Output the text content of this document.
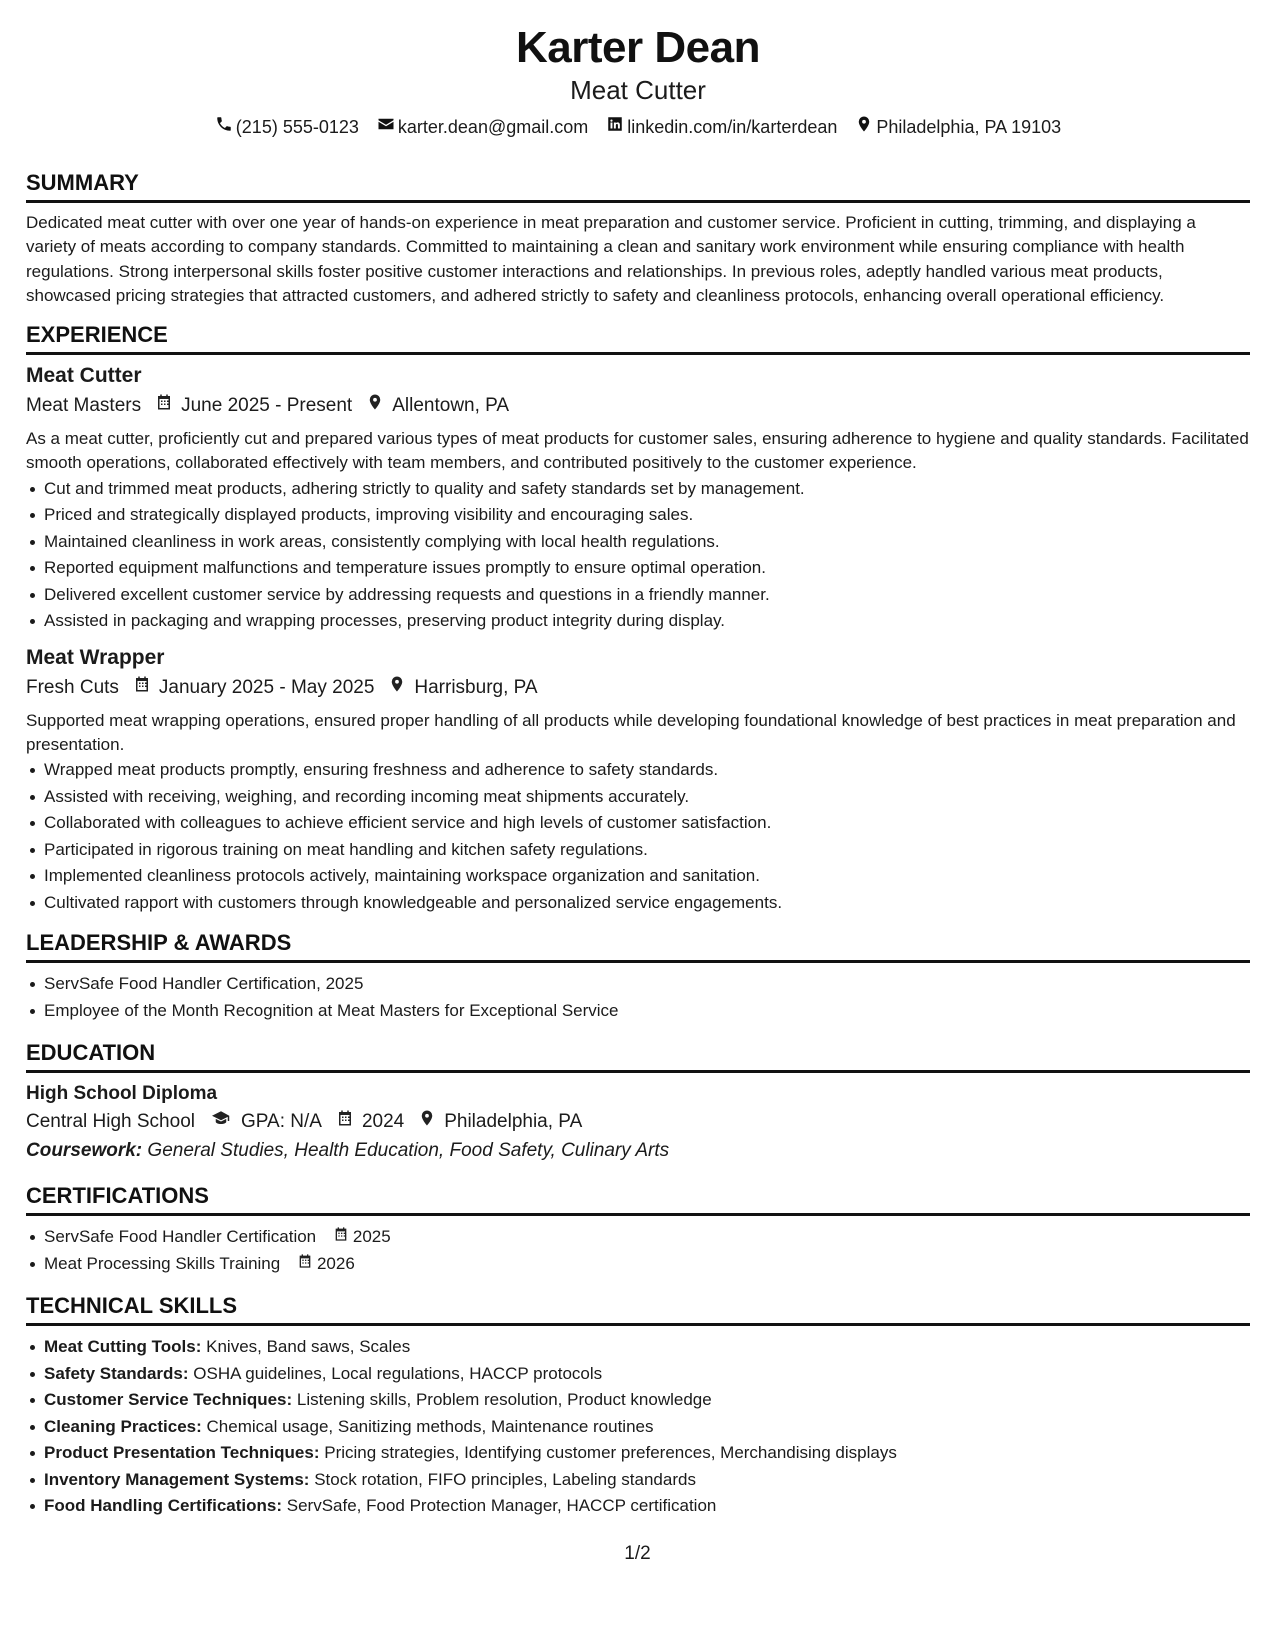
Karter Dean
Meat Cutter
(215) 555-0123 karter.dean@gmail.com linkedin.com/in/karterdean Philadelphia, PA 19103
SUMMARY
Dedicated meat cutter with over one year of hands-on experience in meat preparation and customer service. Proficient in cutting, trimming, and displaying a variety of meats according to company standards. Committed to maintaining a clean and sanitary work environment while ensuring compliance with health regulations. Strong interpersonal skills foster positive customer interactions and relationships. In previous roles, adeptly handled various meat products, showcased pricing strategies that attracted customers, and adhered strictly to safety and cleanliness protocols, enhancing overall operational efficiency.
EXPERIENCE
Meat Cutter
Meat Masters June 2025 - Present Allentown, PA
As a meat cutter, proficiently cut and prepared various types of meat products for customer sales, ensuring adherence to hygiene and quality standards. Facilitated smooth operations, collaborated effectively with team members, and contributed positively to the customer experience.
Cut and trimmed meat products, adhering strictly to quality and safety standards set by management.
Priced and strategically displayed products, improving visibility and encouraging sales.
Maintained cleanliness in work areas, consistently complying with local health regulations.
Reported equipment malfunctions and temperature issues promptly to ensure optimal operation.
Delivered excellent customer service by addressing requests and questions in a friendly manner.
Assisted in packaging and wrapping processes, preserving product integrity during display.
Meat Wrapper
Fresh Cuts January 2025 - May 2025 Harrisburg, PA
Supported meat wrapping operations, ensured proper handling of all products while developing foundational knowledge of best practices in meat preparation and presentation.
Wrapped meat products promptly, ensuring freshness and adherence to safety standards.
Assisted with receiving, weighing, and recording incoming meat shipments accurately.
Collaborated with colleagues to achieve efficient service and high levels of customer satisfaction.
Participated in rigorous training on meat handling and kitchen safety regulations.
Implemented cleanliness protocols actively, maintaining workspace organization and sanitation.
Cultivated rapport with customers through knowledgeable and personalized service engagements.
LEADERSHIP & AWARDS
ServSafe Food Handler Certification, 2025
Employee of the Month Recognition at Meat Masters for Exceptional Service
EDUCATION
High School Diploma
Central High School GPA: N/A 2024 Philadelphia, PA
Coursework: General Studies, Health Education, Food Safety, Culinary Arts
CERTIFICATIONS
ServSafe Food Handler Certification 2025
Meat Processing Skills Training 2026
TECHNICAL SKILLS
Meat Cutting Tools: Knives, Band saws, Scales
Safety Standards: OSHA guidelines, Local regulations, HACCP protocols
Customer Service Techniques: Listening skills, Problem resolution, Product knowledge
Cleaning Practices: Chemical usage, Sanitizing methods, Maintenance routines
Product Presentation Techniques: Pricing strategies, Identifying customer preferences, Merchandising displays
Inventory Management Systems: Stock rotation, FIFO principles, Labeling standards
Food Handling Certifications: ServSafe, Food Protection Manager, HACCP certification
1/2
